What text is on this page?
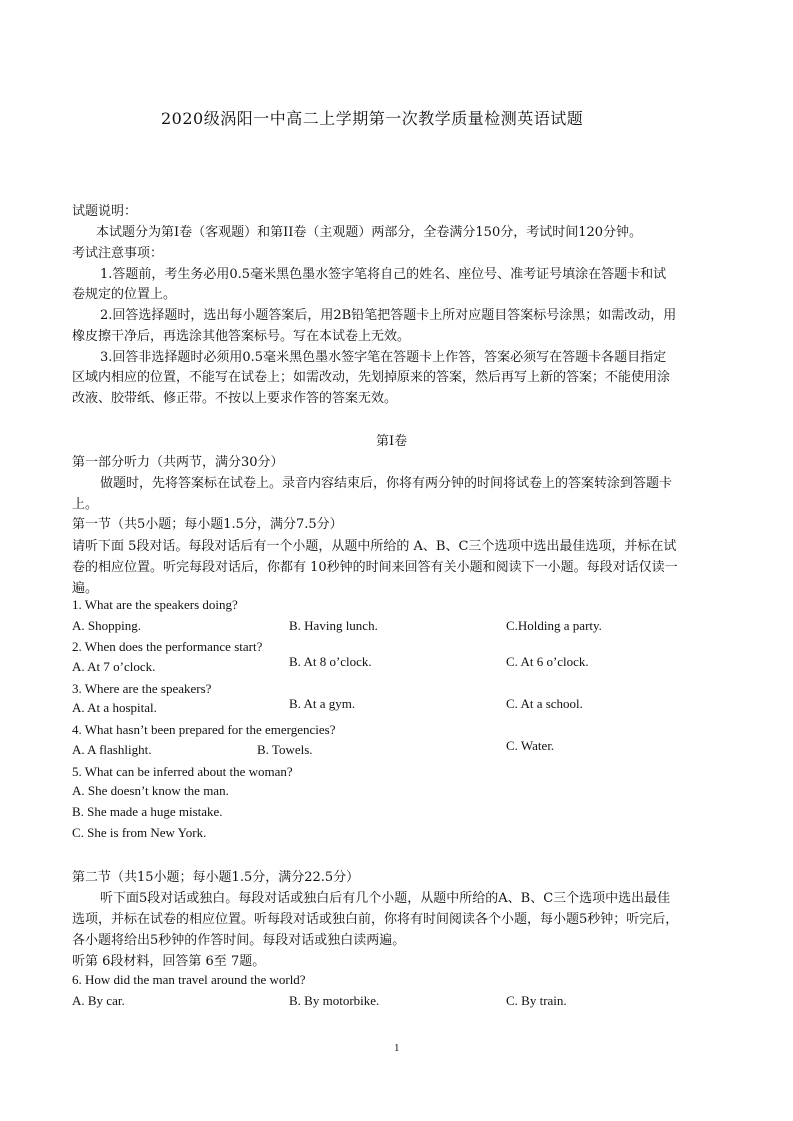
2020级涡阳一中高二上学期第一次教学质量检测英语试题
试题说明：
本试题分为第I卷（客观题）和第II卷（主观题）两部分，全卷满分150分，考试时间120分钟。
考试注意事项：
1.答题前，考生务必用0.5毫米黑色墨水签字笔将自己的姓名、座位号、准考证号填涂在答题卡和试
卷规定的位置上。
2.回答选择题时，选出每小题答案后，用2B铅笔把答题卡上所对应题目答案标号涂黑；如需改动，用
橡皮擦干净后，再选涂其他答案标号。写在本试卷上无效。
3.回答非选择题时必须用0.5毫米黑色墨水签字笔在答题卡上作答，答案必须写在答题卡各题目指定
区域内相应的位置，不能写在试卷上；如需改动，先划掉原来的答案，然后再写上新的答案；不能使用涂
改液、胶带纸、修正带。不按以上要求作答的答案无效。
第I卷
第一部分听力（共两节，满分30分）
做题时，先将答案标在试卷上。录音内容结束后，你将有两分钟的时间将试卷上的答案转涂到答题卡
上。
第一节（共5小题；每小题1.5分，满分7.5分）
请听下面 5段对话。每段对话后有一个小题，从题中所给的 A、B、C三个选项中选出最佳选项，并标在试
卷的相应位置。听完每段对话后，你都有 10秒钟的时间来回答有关小题和阅读下一小题。每段对话仅读一
遍。
1. What are the speakers doing?
A. Shopping.	B. Having lunch.	C.Holding a party.
2. When does the performance start?
A. At 7 o’clock.	B. At 8 o’clock.	C. At 6 o’clock.
3. Where are the speakers?
A. At a hospital.	B. At a gym.	C. At a school.
4. What hasn’t been prepared for the emergencies?
A. A flashlight.	B. Towels.	C. Water.
5. What can be inferred about the woman?
A. She doesn’t know the man.
B. She made a huge mistake.
C. She is from New York.
第二节（共15小题；每小题1.5分，满分22.5分）
听下面5段对话或独白。每段对话或独白后有几个小题，从题中所给的A、B、C三个选项中选出最佳
选项，并标在试卷的相应位置。听每段对话或独白前，你将有时间阅读各个小题，每小题5秒钟；听完后，
各小题将给出5秒钟的作答时间。每段对话或独白读两遍。
听第 6段材料，回答第 6至 7题。
6. How did the man travel around the world?
A. By car.	B. By motorbike.	C. By train.
1
